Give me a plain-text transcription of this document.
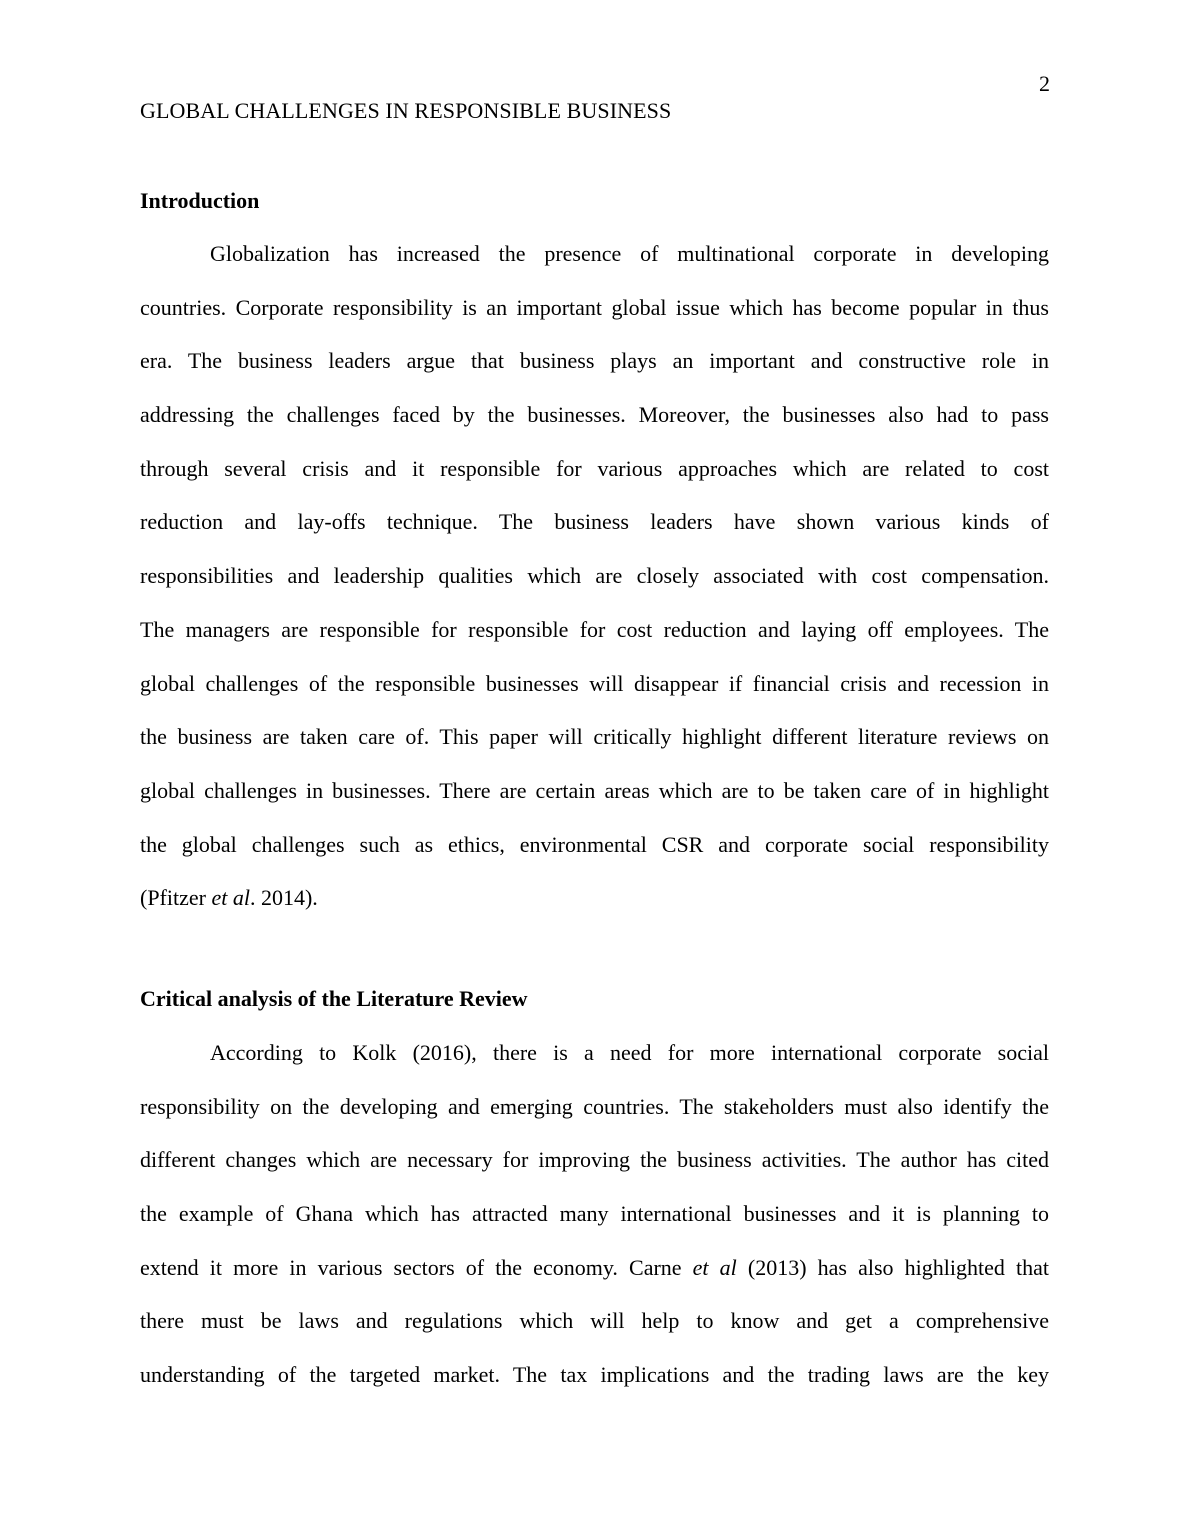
2
GLOBAL CHALLENGES IN RESPONSIBLE BUSINESS
Introduction
Globalization has increased the presence of multinational corporate in developing
countries. Corporate responsibility is an important global issue which has become popular in thus
era. The business leaders argue that business plays an important and constructive role in
addressing the challenges faced by the businesses. Moreover, the businesses also had to pass
through several crisis and it responsible for various approaches which are related to cost
reduction and lay-offs technique. The business leaders have shown various kinds of
responsibilities and leadership qualities which are closely associated with cost compensation.
The managers are responsible for responsible for cost reduction and laying off employees. The
global challenges of the responsible businesses will disappear if financial crisis and recession in
the business are taken care of. This paper will critically highlight different literature reviews on
global challenges in businesses. There are certain areas which are to be taken care of in highlight
the global challenges such as ethics, environmental CSR and corporate social responsibility
(Pfitzer et al. 2014).
Critical analysis of the Literature Review
According to Kolk (2016), there is a need for more international corporate social
responsibility on the developing and emerging countries. The stakeholders must also identify the
different changes which are necessary for improving the business activities. The author has cited
the example of Ghana which has attracted many international businesses and it is planning to
extend it more in various sectors of the economy. Carne et al (2013) has also highlighted that
there must be laws and regulations which will help to know and get a comprehensive
understanding of the targeted market. The tax implications and the trading laws are the key
